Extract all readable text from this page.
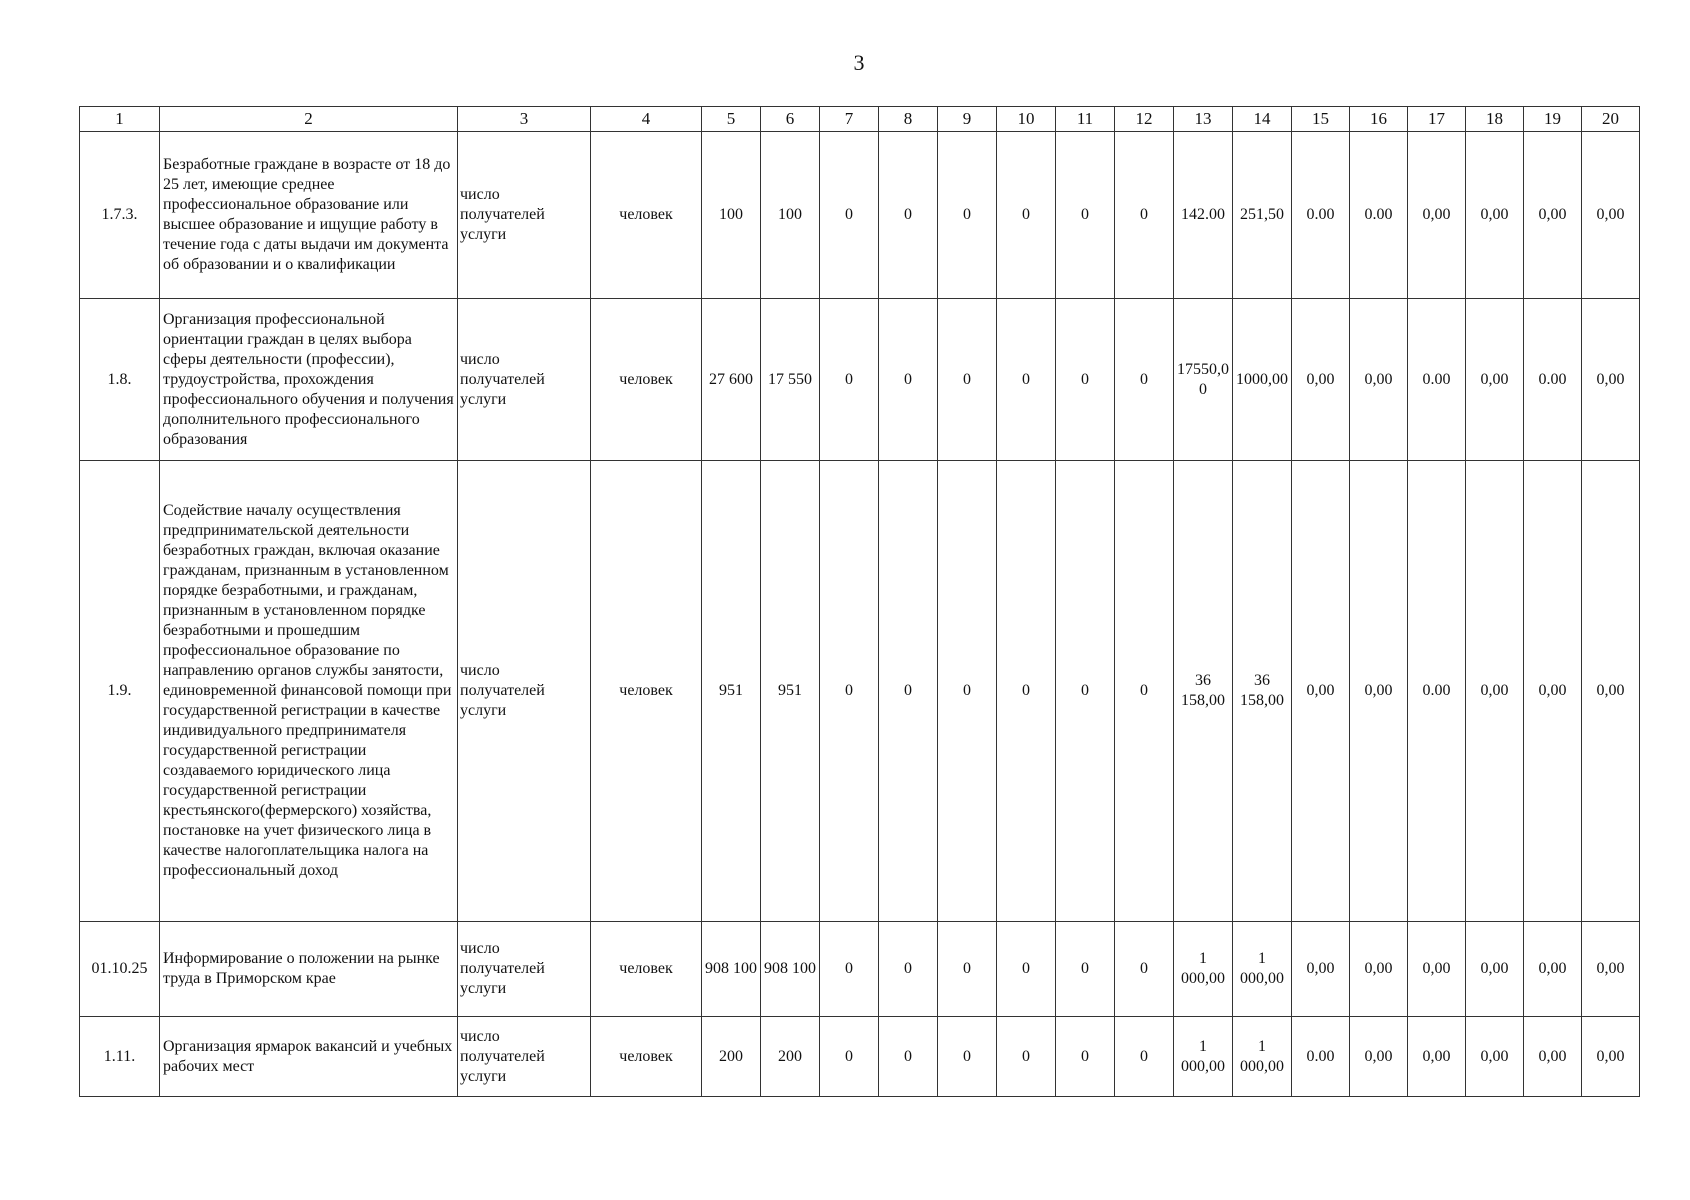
3
1	2	3	4	5	6	7	8	9	10	11	12	13	14	15	16	17	18	19	20
1.7.3.	Безработные граждане в возрасте от 18 до 25 лет, имеющие среднее профессиональное образование или высшее образование и ищущие работу в течение года с даты выдачи им документа об образовании и о квалификации	число получателей услуги	человек	100	100	0	0	0	0	0	0	142.00	251,50	0.00	0.00	0,00	0,00	0,00	0,00
1.8.	Организация профессиональной ориентации граждан в целях выбора сферы деятельности (профессии), трудоустройства, прохождения профессионального обучения и получения дополнительного профессионального образования	число получателей услуги	человек	27 600	17 550	0	0	0	0	0	0	17550,00	1000,00	0,00	0,00	0.00	0,00	0.00	0,00
1.9.	Содействие началу осуществления предпринимательской деятельности безработных граждан, включая оказание гражданам, признанным в установленном порядке безработными, и гражданам, признанным в установленном порядке безработными и прошедшим профессиональное образование по направлению органов службы занятости, единовременной финансовой помощи при государственной регистрации в качестве индивидуального предпринимателя государственной регистрации создаваемого юридического лица государственной регистрации крестьянского(фермерского) хозяйства, постановке на учет физического лица в качестве налогоплательщика налога на профессиональный доход	число получателей услуги	человек	951	951	0	0	0	0	0	0	36 158,00	36 158,00	0,00	0,00	0.00	0,00	0,00	0,00
01.10.25	Информирование о положении на рынке труда в Приморском крае	число получателей услуги	человек	908 100	908 100	0	0	0	0	0	0	1 000,00	1 000,00	0,00	0,00	0,00	0,00	0,00	0,00
1.11.	Организация ярмарок вакансий и учебных рабочих мест	число получателей услуги	человек	200	200	0	0	0	0	0	0	1 000,00	1 000,00	0.00	0,00	0,00	0,00	0,00	0,00
